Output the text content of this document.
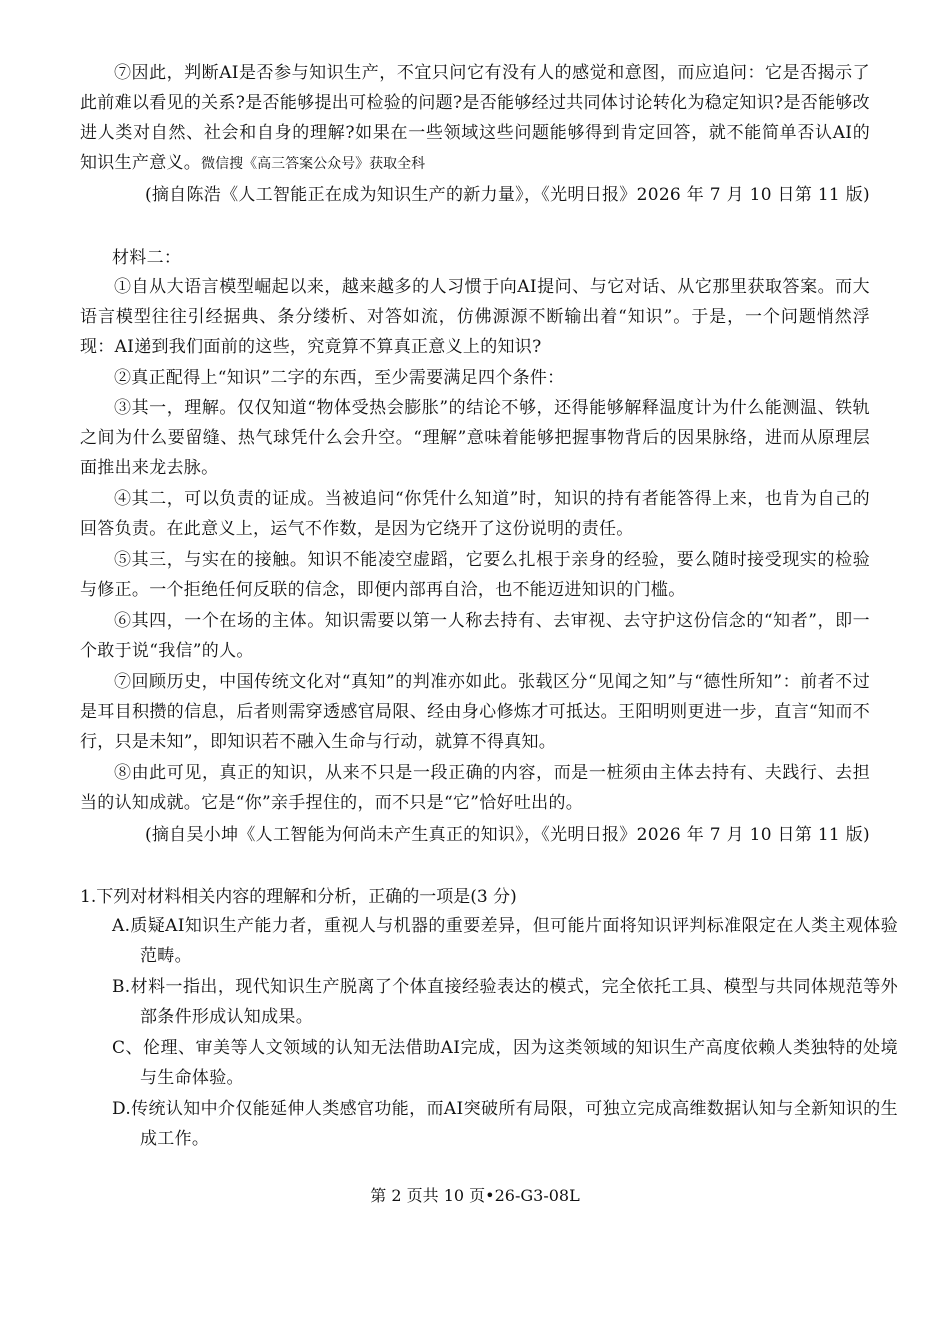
⑦因此，判断AI是否参与知识生产，不宜只问它有没有人的感觉和意图，而应追问：它是否揭示了此前难以看见的关系?是否能够提出可检验的问题?是否能够经过共同体讨论转化为稳定知识?是否能够改进人类对自然、社会和自身的理解?如果在一些领域这些问题能够得到肯定回答，就不能简单否认AI的知识生产意义。微信搜《高三答案公众号》获取全科

(摘自陈浩《人工智能正在成为知识生产的新力量》，《光明日报》2026 年 7 月 10 日第 11 版)

材料二：

①自从大语言模型崛起以来，越来越多的人习惯于向AI提问、与它对话、从它那里获取答案。而大语言模型往往引经据典、条分缕析、对答如流，仿佛源源不断输出着“知识”。于是，一个问题悄然浮现：AI递到我们面前的这些，究竟算不算真正意义上的知识?

②真正配得上“知识”二字的东西，至少需要满足四个条件：

③其一，理解。仅仅知道“物体受热会膨胀”的结论不够，还得能够解释温度计为什么能测温、铁轨之间为什么要留缝、热气球凭什么会升空。“理解”意味着能够把握事物背后的因果脉络，进而从原理层面推出来龙去脉。

④其二，可以负责的证成。当被追问“你凭什么知道”时，知识的持有者能答得上来，也肯为自己的回答负责。在此意义上，运气不作数，是因为它绕开了这份说明的责任。

⑤其三，与实在的接触。知识不能凌空虚蹈，它要么扎根于亲身的经验，要么随时接受现实的检验与修正。一个拒绝任何反联的信念，即便内部再自洽，也不能迈进知识的门槛。

⑥其四，一个在场的主体。知识需要以第一人称去持有、去审视、去守护这份信念的“知者”，即一个敢于说“我信”的人。

⑦回顾历史，中国传统文化对“真知”的判准亦如此。张载区分“见闻之知”与“德性所知”：前者不过是耳目积攒的信息，后者则需穿透感官局限、经由身心修炼才可抵达。王阳明则更进一步，直言“知而不行，只是未知”，即知识若不融入生命与行动，就算不得真知。

⑧由此可见，真正的知识，从来不只是一段正确的内容，而是一桩须由主体去持有、夫践行、去担当的认知成就。它是“你”亲手捏住的，而不只是“它”恰好吐出的。

(摘自吴小坤《人工智能为何尚未产生真正的知识》，《光明日报》2026 年 7 月 10 日第 11 版)

1.下列对材料相关内容的理解和分析，正确的一项是(3 分)

A.质疑AI知识生产能力者，重视人与机器的重要差异，但可能片面将知识评判标准限定在人类主观体验范畴。

B.材料一指出，现代知识生产脱离了个体直接经验表达的模式，完全依托工具、模型与共同体规范等外部条件形成认知成果。

C、伦理、审美等人文领域的认知无法借助AI完成，因为这类领域的知识生产高度依赖人类独特的处境与生命体验。

D.传统认知中介仅能延伸人类感官功能，而AI突破所有局限，可独立完成高维数据认知与全新知识的生成工作。

第 2 页共 10 页•26-G3-08L
